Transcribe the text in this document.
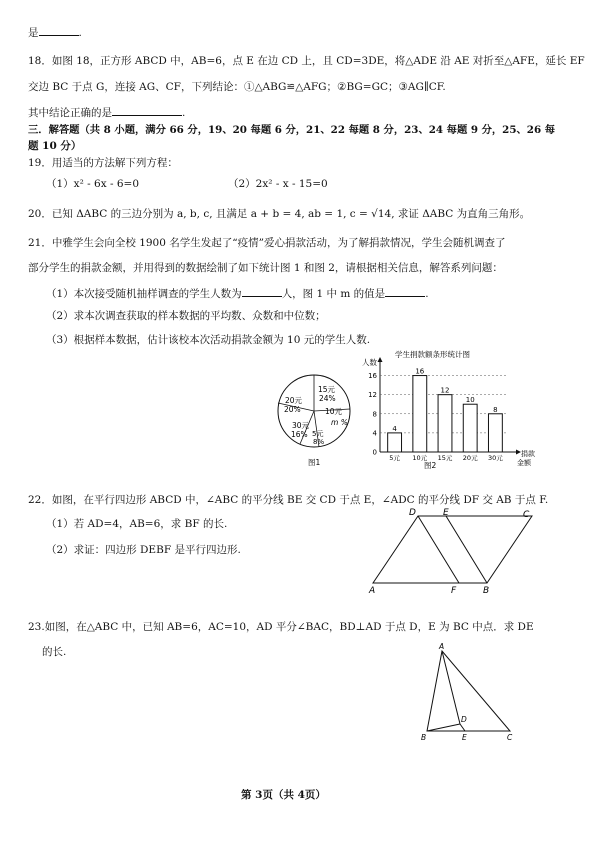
是	.
18．如图 18，正方形 ABCD 中，AB=6，点 E 在边 CD 上，且 CD=3DE，将△ADE 沿 AE 对折至△AFE，延长 EF
交边 BC 于点 G，连接 AG、CF，下列结论：①△ABG≌△AFG；②BG=GC；③AG∥CF.
其中结论正确的是	.
三．解答题（共 8 小题，满分 66 分，19、20 每题 6 分，21、22 每题 8 分，23、24 每题 9 分，25、26 每
题 10 分）
19．用适当的方法解下列方程：
（1）x² - 6x - 6=0	（2）2x² - x - 15=0
20．已知 ΔABC 的三边分别为 a, b, c, 且满足 a + b = 4, ab = 1, c = √14, 求证 ΔABC 为直角三角形。
21．中雅学生会向全校 1900 名学生发起了“疫情”爱心捐款活动，为了解捐款情况，学生会随机调查了
部分学生的捐款金额，并用得到的数据绘制了如下统计图 1 和图 2，请根据相关信息，解答系列问题：
（1）本次接受随机抽样调查的学生人数为	人，图 1 中 m 的值是	.
（2）求本次调查获取的样本数据的平均数、众数和中位数；
（3）根据样本数据，估计该校本次活动捐款金额为 10 元的学生人数.
15元
24%
10元
20元
20%
m %
30元
16% 5元
8%
图1
学生捐款额条形统计图
人数
捐款
金额
图2
0
4
8
12
16
4
5元
16
10元
12
15元
10
20元
8
30元
22．如图，在平行四边形 ABCD 中，∠ABC 的平分线 BE 交 CD 于点 E，∠ADC 的平分线 DF 交 AB 于点 F.
（1）若 AD=4，AB=6，求 BF 的长.
（2）求证：四边形 DEBF 是平行四边形.
D	E	C
A	F	B
23.如图，在△ABC 中，已知 AB=6，AC=10，AD 平分∠BAC，BD⊥AD 于点 D，E 为 BC 中点．求 DE
的长.	A
D
B	E	C
第 3页（共 4页）
